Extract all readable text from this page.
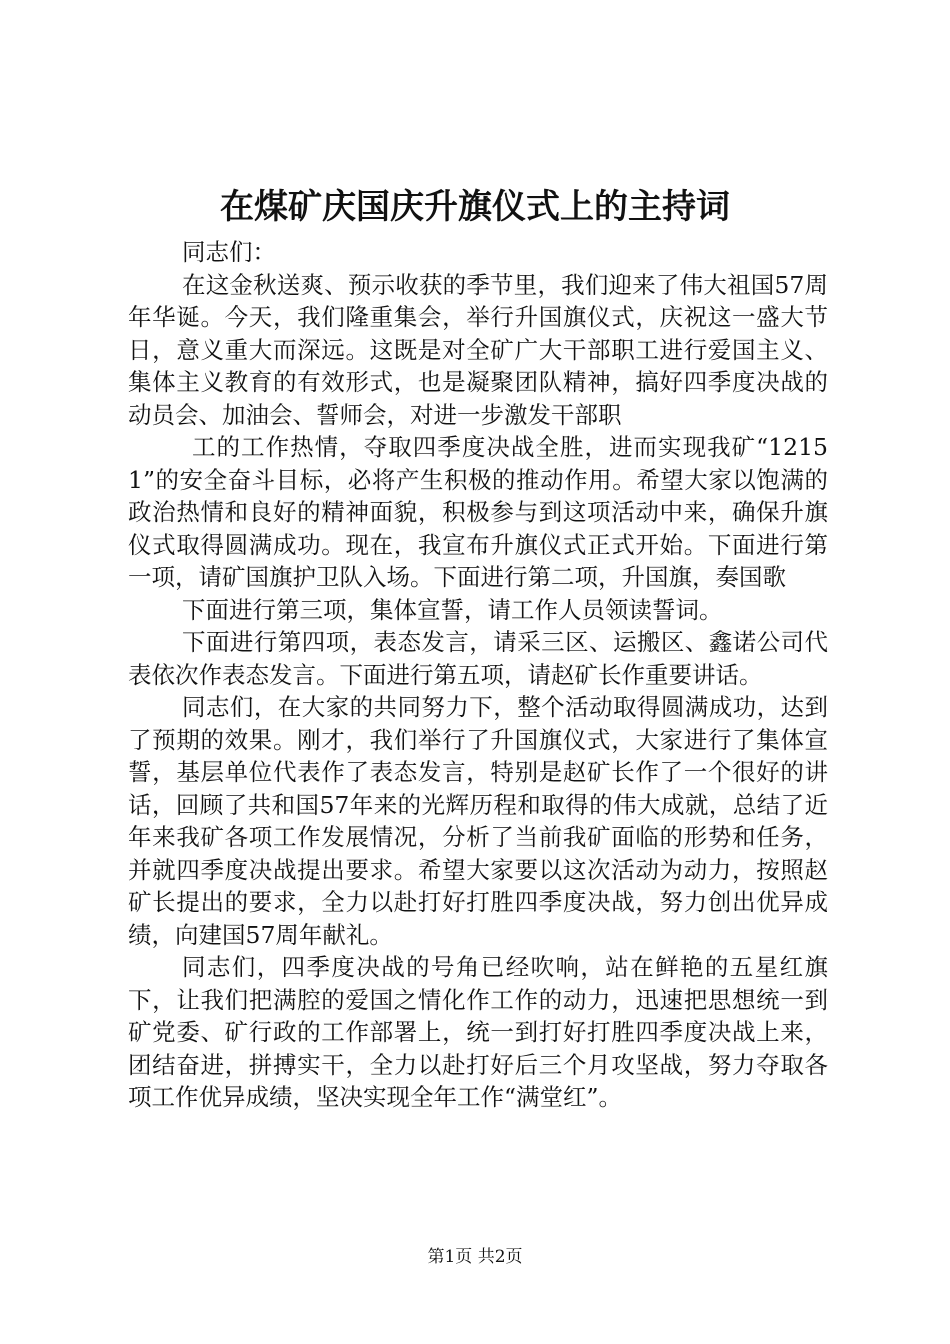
在煤矿庆国庆升旗仪式上的主持词

同志们：

在这金秋送爽、预示收获的季节里，我们迎来了伟大祖国57周年华诞。今天，我们隆重集会，举行升国旗仪式，庆祝这一盛大节日，意义重大而深远。这既是对全矿广大干部职工进行爱国主义、集体主义教育的有效形式，也是凝聚团队精神，搞好四季度决战的动员会、加油会、誓师会，对进一步激发干部职

工的工作热情，夺取四季度决战全胜，进而实现我矿“12151”的安全奋斗目标，必将产生积极的推动作用。希望大家以饱满的政治热情和良好的精神面貌，积极参与到这项活动中来，确保升旗仪式取得圆满成功。现在，我宣布升旗仪式正式开始。下面进行第一项，请矿国旗护卫队入场。下面进行第二项，升国旗，奏国歌

下面进行第三项，集体宣誓，请工作人员领读誓词。

下面进行第四项，表态发言，请采三区、运搬区、鑫诺公司代表依次作表态发言。下面进行第五项，请赵矿长作重要讲话。

同志们，在大家的共同努力下，整个活动取得圆满成功，达到了预期的效果。刚才，我们举行了升国旗仪式，大家进行了集体宣誓，基层单位代表作了表态发言，特别是赵矿长作了一个很好的讲话，回顾了共和国57年来的光辉历程和取得的伟大成就，总结了近年来我矿各项工作发展情况，分析了当前我矿面临的形势和任务，并就四季度决战提出要求。希望大家要以这次活动为动力，按照赵矿长提出的要求，全力以赴打好打胜四季度决战，努力创出优异成绩，向建国57周年献礼。

同志们，四季度决战的号角已经吹响，站在鲜艳的五星红旗下，让我们把满腔的爱国之情化作工作的动力，迅速把思想统一到矿党委、矿行政的工作部署上，统一到打好打胜四季度决战上来，团结奋进，拼搏实干，全力以赴打好后三个月攻坚战，努力夺取各项工作优异成绩，坚决实现全年工作“满堂红”。

第1页 共2页
